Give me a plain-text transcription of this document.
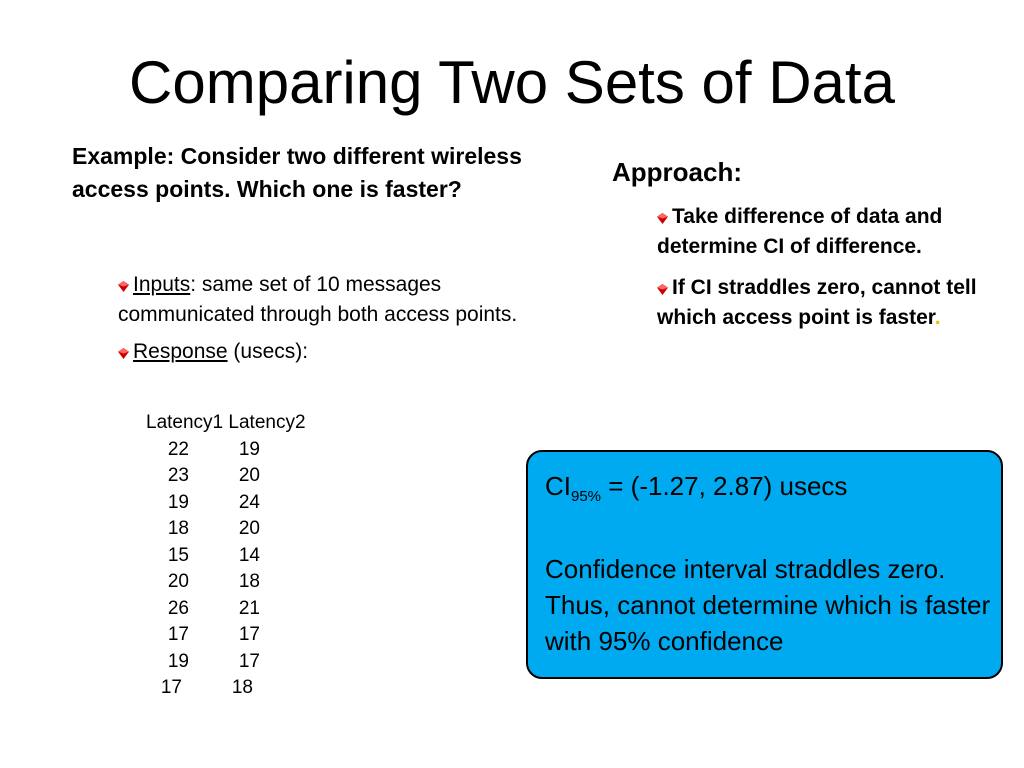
Comparing Two Sets of Data
Example: Consider two different wireless access points. Which one is faster?
Inputs: same set of 10 messages communicated through both access points.
Response (usecs):
Latency1 Latency2
22	19
23	20
19	24
18	20
15	14
20	18
26	21
17	17
19	17
17	18
Approach:
Take difference of data and determine CI of difference.
If CI straddles zero, cannot tell which access point is faster.
$CI_{95\%} = (-1.27$, 2.87) usecs
Confidence interval straddles zero.
Thus, cannot determine which is faster with 95% confidence
